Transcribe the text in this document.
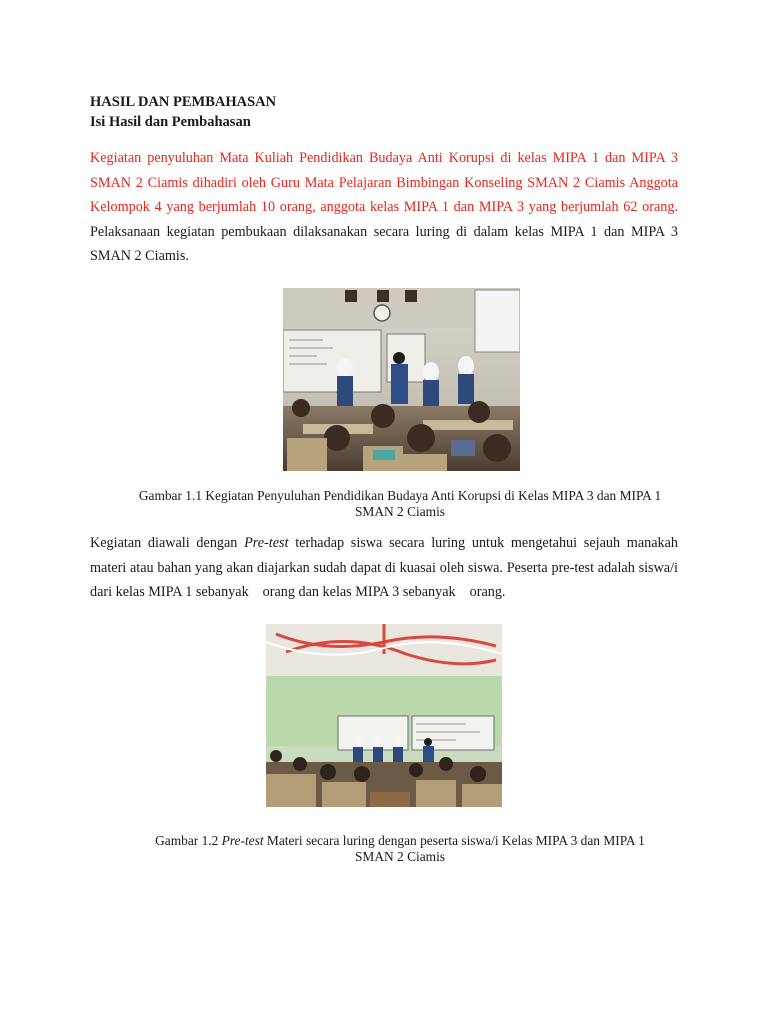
HASIL DAN PEMBAHASAN

Isi Hasil dan Pembahasan

Kegiatan penyuluhan Mata Kuliah Pendidikan Budaya Anti Korupsi di kelas MIPA 1 dan MIPA 3 SMAN 2 Ciamis dihadiri oleh Guru Mata Pelajaran Bimbingan Konseling SMAN 2 Ciamis Anggota Kelompok 4 yang berjumlah 10 orang, anggota kelas MIPA 1 dan MIPA 3 yang berjumlah 62 orang. Pelaksanaan kegiatan pembukaan dilaksanakan secara luring di dalam kelas MIPA 1 dan MIPA 3 SMAN 2 Ciamis.

Gambar 1.1 Kegiatan Penyuluhan Pendidikan Budaya Anti Korupsi di Kelas MIPA 3 dan MIPA 1
SMAN 2 Ciamis

Kegiatan diawali dengan Pre-test terhadap siswa secara luring untuk mengetahui sejauh manakah materi atau bahan yang akan diajarkan sudah dapat di kuasai oleh siswa. Peserta pre-test adalah siswa/i dari kelas MIPA 1 sebanyak orang dan kelas MIPA 3 sebanyak orang.

Gambar 1.2 Pre-test Materi secara luring dengan peserta siswa/i Kelas MIPA 3 dan MIPA 1
SMAN 2 Ciamis
